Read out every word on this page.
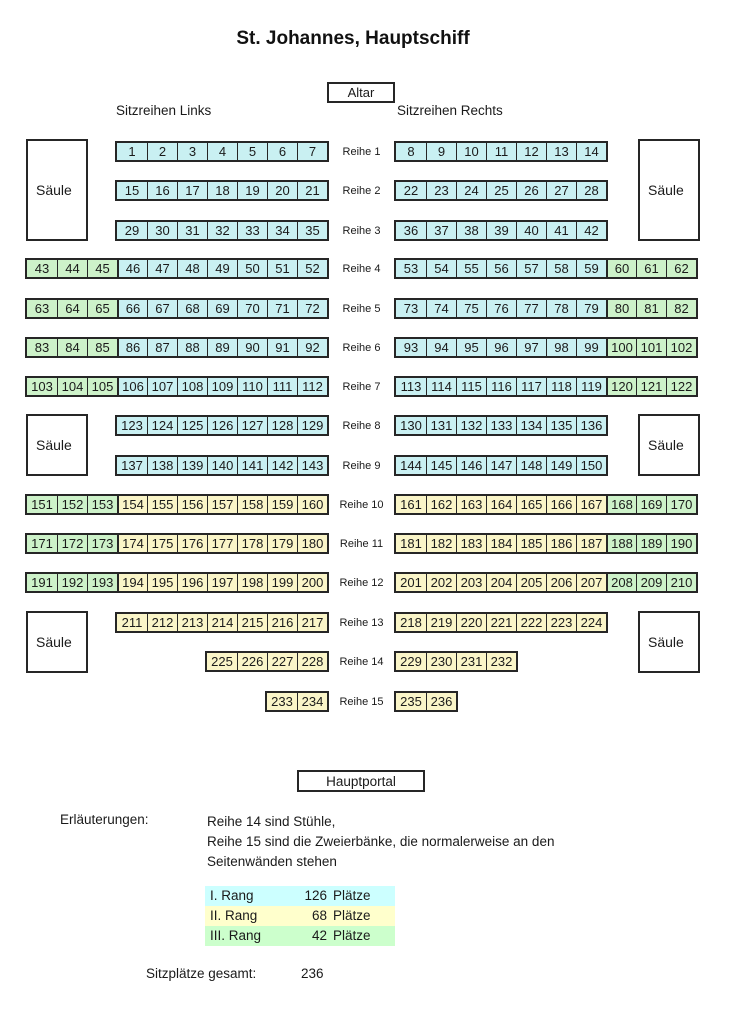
St. Johannes, Hauptschiff
Altar
Sitzreihen Links	Sitzreihen Rechts
Säule	Säule
Säule	Säule
Säule	Säule
Reihe 1
1	2	3	4	5	6	7	8	9	10	11	12	13	14
Reihe 2
15	16	17	18	19	20	21	22	23	24	25	26	27	28
Reihe 3
29	30	31	32	33	34	35	36	37	38	39	40	41	42
Reihe 4
43	44	45	46	47	48	49	50	51	52	53	54	55	56	57	58	59	60	61	62
Reihe 5
63	64	65	66	67	68	69	70	71	72	73	74	75	76	77	78	79	80	81	82
Reihe 6
83	84	85	86	87	88	89	90	91	92	93	94	95	96	97	98	99 100 101 102
Reihe 7
103 104 105 106 107 108 109 110 111 112	113 114 115 116 117 118 119 120 121 122
Reihe 8
123 124 125 126 127 128 129	130 131 132 133 134 135 136
Reihe 9
137 138 139 140 141 142 143	144 145 146 147 148 149 150
Reihe 10
151 152 153 154 155 156 157 158 159 160	161 162 163 164 165 166 167 168 169 170
Reihe 11
171 172 173 174 175 176 177 178 179 180	181 182 183 184 185 186 187 188 189 190
Reihe 12
191 192 193 194 195 196 197 198 199 200	201 202 203 204 205 206 207 208 209 210
Reihe 13
211 212 213 214 215 216 217	218 219 220 221 222 223 224
Reihe 14
225 226 227 228	229 230 231 232
Reihe 15
233 234	235 236
Hauptportal
Erläuterungen:	Reihe 14 sind Stühle,
Reihe 15 sind die Zweierbänke, die normalerweise an den
Seitenwänden stehen
I. Rang	126 Plätze
II. Rang	68 Plätze
III. Rang	42 Plätze
Sitzplätze gesamt:	236
